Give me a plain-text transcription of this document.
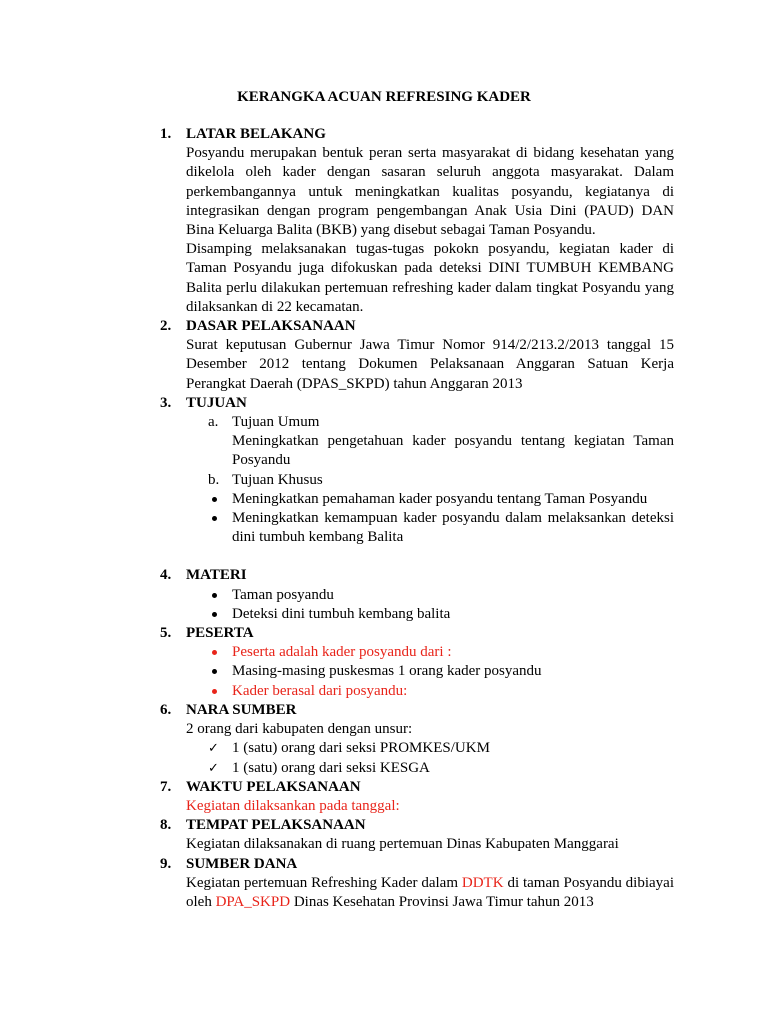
KERANGKA ACUAN REFRESING KADER
1. LATAR BELAKANG
Posyandu merupakan bentuk peran serta masyarakat di bidang kesehatan yang dikelola oleh kader dengan sasaran seluruh anggota masyarakat. Dalam perkembangannya untuk meningkatkan kualitas posyandu, kegiatanya di integrasikan dengan program pengembangan Anak Usia Dini (PAUD) DAN Bina Keluarga Balita (BKB) yang disebut sebagai Taman Posyandu.
Disamping melaksanakan tugas-tugas pokokn posyandu, kegiatan kader di Taman Posyandu juga difokuskan pada deteksi DINI TUMBUH KEMBANG Balita perlu dilakukan pertemuan refreshing kader dalam tingkat Posyandu yang dilaksankan di 22 kecamatan.
2. DASAR PELAKSANAAN
Surat keputusan Gubernur Jawa Timur Nomor 914/2/213.2/2013 tanggal 15 Desember 2012 tentang Dokumen Pelaksanaan Anggaran Satuan Kerja Perangkat Daerah (DPAS_SKPD) tahun Anggaran 2013
3. TUJUAN
a. Tujuan Umum
Meningkatkan pengetahuan kader posyandu tentang kegiatan Taman Posyandu
b. Tujuan Khusus
Meningkatkan pemahaman kader posyandu tentang Taman Posyandu
Meningkatkan kemampuan kader posyandu dalam melaksankan deteksi dini tumbuh kembang Balita
4. MATERI
Taman posyandu
Deteksi dini tumbuh kembang balita
5. PESERTA
Peserta adalah kader posyandu dari :
Masing-masing puskesmas 1 orang kader posyandu
Kader berasal dari posyandu:
6. NARA SUMBER
2 orang dari kabupaten dengan unsur:
✓ 1 (satu) orang dari seksi PROMKES/UKM
✓ 1 (satu) orang dari seksi KESGA
7. WAKTU PELAKSANAAN
Kegiatan dilaksankan pada tanggal:
8. TEMPAT PELAKSANAAN
Kegiatan dilaksanakan di ruang pertemuan Dinas Kabupaten Manggarai
9. SUMBER DANA
Kegiatan pertemuan Refreshing Kader dalam DDTK di taman Posyandu dibiayai oleh DPA_SKPD Dinas Kesehatan Provinsi Jawa Timur tahun 2013
